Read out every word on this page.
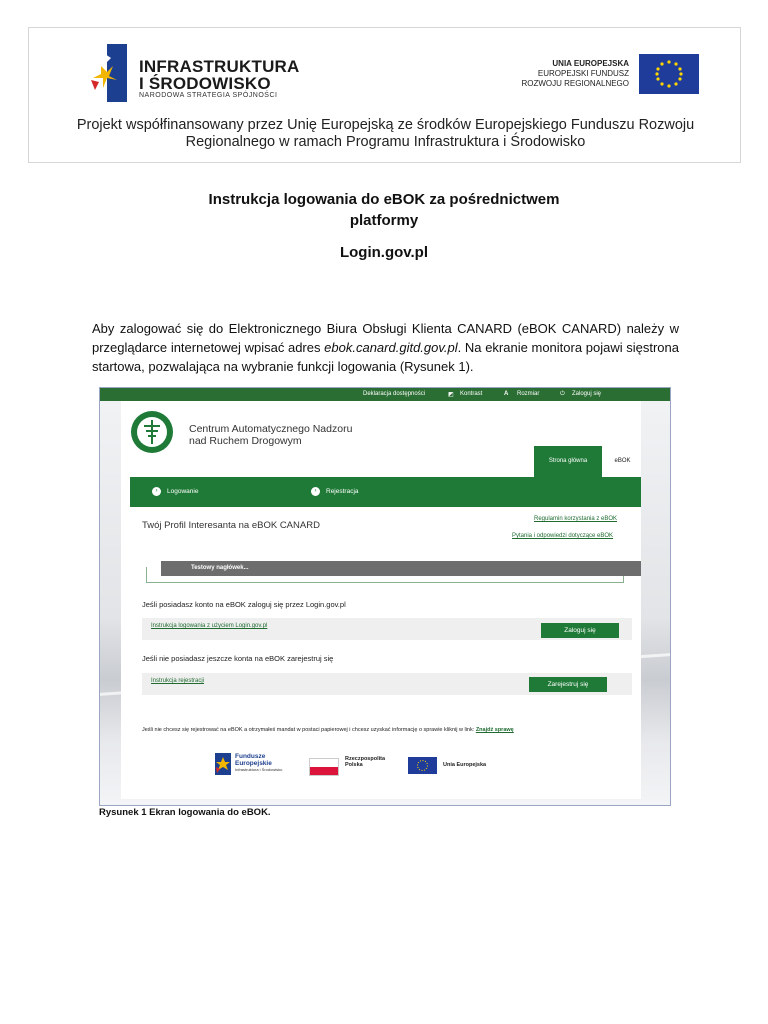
INFRASTRUKTURA
I ŚRODOWISKO
NARODOWA STRATEGIA SPÓJNOŚCI
UNIA EUROPEJSKA
EUROPEJSKI FUNDUSZ
ROZWOJU REGIONALNEGO
Projekt współfinansowany przez Unię Europejską ze środków Europejskiego Funduszu Rozwoju
Regionalnego w ramach Programu Infrastruktura i Środowisko
Instrukcja logowania do eBOK za pośrednictwem
platformy
Login.gov.pl
Aby zalogować się do Elektronicznego Biura Obsługi Klienta CANARD (eBOK CANARD) należy w przeglądarce internetowej wpisać adres ebok.canard.gitd.gov.pl. Na ekranie monitora pojawi sięstrona startowa, pozwalająca na wybranie funkcji logowania (Rysunek 1).
Deklaracja dostępności	◩ Kontrast	A Rozmiar	⏻ Zaloguj się
Centrum Automatycznego Nadzoru
nad Ruchem Drogowym
Strona główna	eBOK
› Logowanie	› Rejestracja
Twój Profil Interesanta na eBOK CANARD
Regulamin korzystania z eBOK
Pytania i odpowiedzi dotyczące eBOK
Testowy nagłówek...
Jeśli posiadasz konto na eBOK zaloguj się przez Login.gov.pl
Instrukcja logowania z użyciem Login.gov.pl
Zaloguj się
Jeśli nie posiadasz jeszcze konta na eBOK zarejestruj się
Instrukcja rejestracji	Zarejestruj się
Jeśli nie chcesz się rejestrować na eBOK a otrzymałeś mandat w postaci papierowej i chcesz uzyskać informację o sprawie kliknij w link: Znajdź sprawę
Fundusze
Europejskie
Infrastruktura i Środowisko
Rzeczpospolita
Polska	Unia Europejska
Rysunek 1 Ekran logowania do eBOK.
